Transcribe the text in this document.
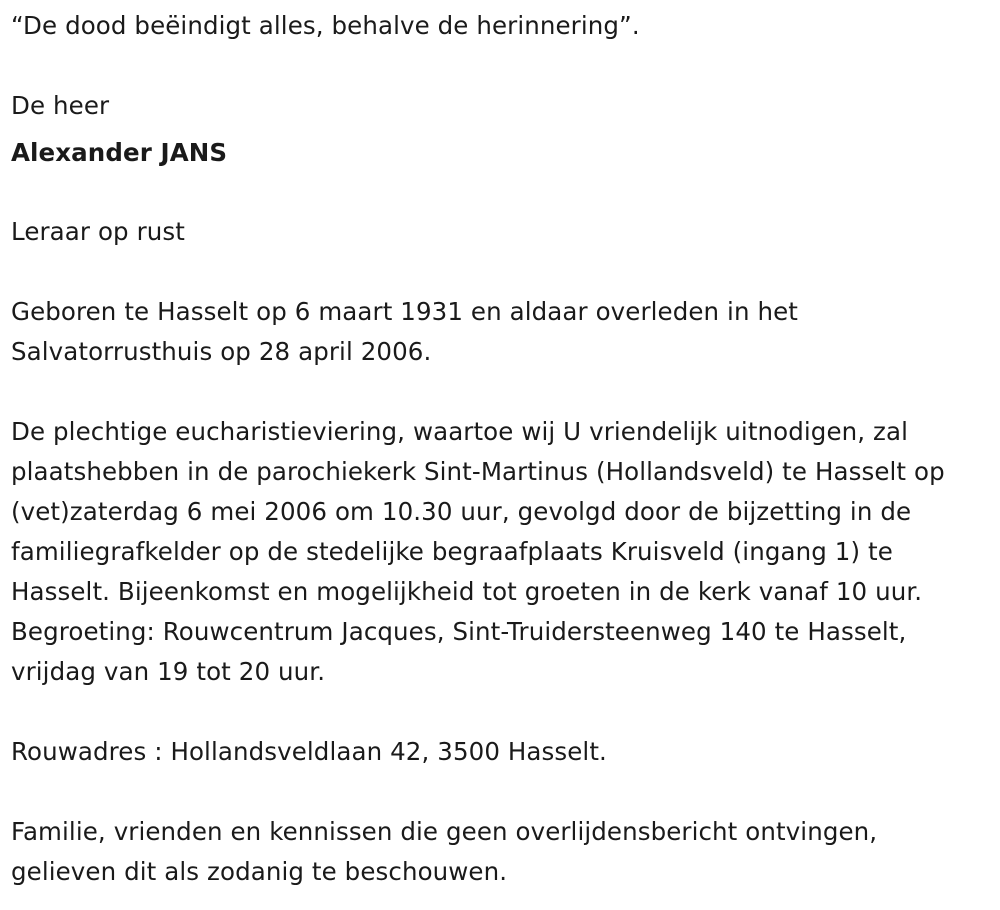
“De dood beëindigt alles, behalve de herinnering”.

De heer

Alexander JANS

Leraar op rust

Geboren te Hasselt op 6 maart 1931 en aldaar overleden in het Salvatorrusthuis op 28 april 2006.

De plechtige eucharistieviering, waartoe wij U vriendelijk uitnodigen, zal plaatshebben in de parochiekerk Sint-Martinus (Hollandsveld) te Hasselt op (vet)zaterdag 6 mei 2006 om 10.30 uur, gevolgd door de bijzetting in de familiegrafkelder op de stedelijke begraafplaats Kruisveld (ingang 1) te Hasselt. Bijeenkomst en mogelijkheid tot groeten in de kerk vanaf 10 uur. Begroeting: Rouwcentrum Jacques, Sint-Truidersteenweg 140 te Hasselt, vrijdag van 19 tot 20 uur.

Rouwadres : Hollandsveldlaan 42, 3500 Hasselt.

Familie, vrienden en kennissen die geen overlijdensbericht ontvingen, gelieven dit als zodanig te beschouwen.
